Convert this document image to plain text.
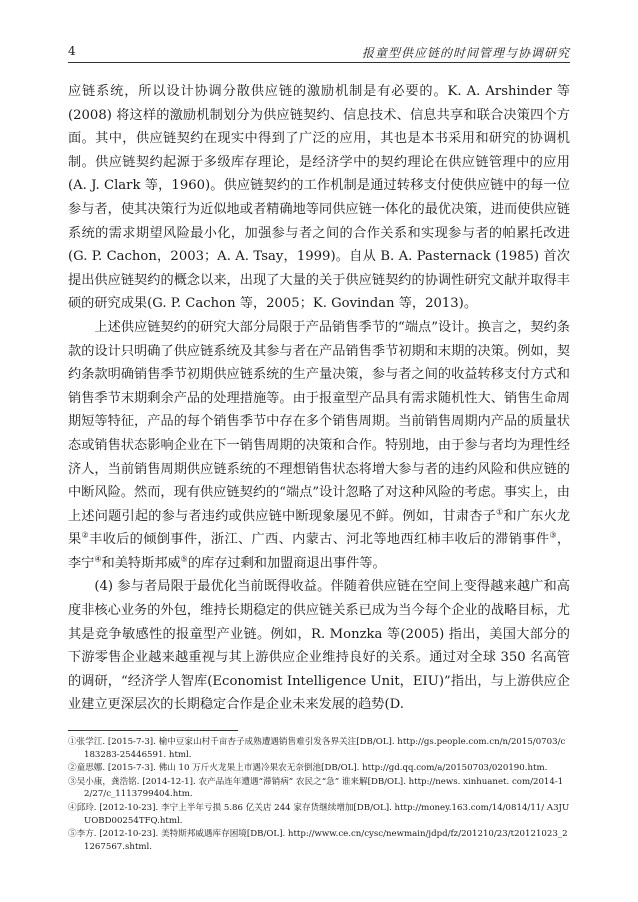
4	报童型供应链的时间管理与协调研究

应链系统，所以设计协调分散供应链的激励机制是有必要的。K. A. Arshinder 等(2008) 将这样的激励机制划分为供应链契约、信息技术、信息共享和联合决策四个方面。其中，供应链契约在现实中得到了广泛的应用，其也是本书采用和研究的协调机制。供应链契约起源于多级库存理论，是经济学中的契约理论在供应链管理中的应用(A. J. Clark 等，1960)。供应链契约的工作机制是通过转移支付使供应链中的每一位参与者，使其决策行为近似地或者精确地等同供应链一体化的最优决策，进而使供应链系统的需求期望风险最小化，加强参与者之间的合作关系和实现参与者的帕累托改进(G. P. Cachon，2003；A. A. Tsay，1999)。自从 B. A. Pasternack (1985) 首次提出供应链契约的概念以来，出现了大量的关于供应链契约的协调性研究文献并取得丰硕的研究成果(G. P. Cachon 等，2005；K. Govindan 等，2013)。

上述供应链契约的研究大部分局限于产品销售季节的“端点”设计。换言之，契约条款的设计只明确了供应链系统及其参与者在产品销售季节初期和末期的决策。例如，契约条款明确销售季节初期供应链系统的生产量决策，参与者之间的收益转移支付方式和销售季节末期剩余产品的处理措施等。由于报童型产品具有需求随机性大、销售生命周期短等特征，产品的每个销售季节中存在多个销售周期。当前销售周期内产品的质量状态或销售状态影响企业在下一销售周期的决策和合作。特别地，由于参与者均为理性经济人，当前销售周期供应链系统的不理想销售状态将增大参与者的违约风险和供应链的中断风险。然而，现有供应链契约的“端点”设计忽略了对这种风险的考虑。事实上，由上述问题引起的参与者违约或供应链中断现象屡见不鲜。例如，甘肃杏子①和广东火龙果②丰收后的倾倒事件，浙江、广西、内蒙古、河北等地西红柿丰收后的滞销事件③，李宁④和美特斯邦威⑤的库存过剩和加盟商退出事件等。

(4) 参与者局限于最优化当前既得收益。伴随着供应链在空间上变得越来越广和高度非核心业务的外包，维持长期稳定的供应链关系已成为当今每个企业的战略目标，尤其是竞争敏感性的报童型产业链。例如，R. Monzka 等(2005) 指出，美国大部分的下游零售企业越来越重视与其上游供应企业维持良好的关系。通过对全球 350 名高管的调研，“经济学人智库(Economist Intelligence Unit，EIU)”指出，与上游供应企业建立更深层次的长期稳定合作是企业未来发展的趋势(D.

①张学江. [2015-7-3]. 榆中豆家山村千亩杏子成熟遭遇销售难引发各界关注[DB/OL]. http://gs.people.com.cn/n/2015/0703/c183283-25446591. html.
②童思娜. [2015-7-3]. 佛山 10 万斤火龙果上市遇冷果农无奈倒池[DB/OL]. http://gd.qq.com/a/20150703/020190.htm.
③吴小康，龚浩铭. [2014-12-1]. 农产品连年遭遇“滞销病” 农民之“急” 谁来解[DB/OL]. http://news. xinhuanet. com/2014-12/27/c_1113799404.htm.
④邱玲. [2012-10-23]. 李宁上半年亏损 5.86 亿关店 244 家存货继续增加[DB/OL]. http://money.163.com/14/0814/11/ A3JUUOBD00254TFQ.html.
⑤李方. [2012-10-23]. 美特斯邦威遇库存困境[DB/OL]. http://www.ce.cn/cysc/newmain/jdpd/fz/201210/23/t20121023_21267567.shtml.
